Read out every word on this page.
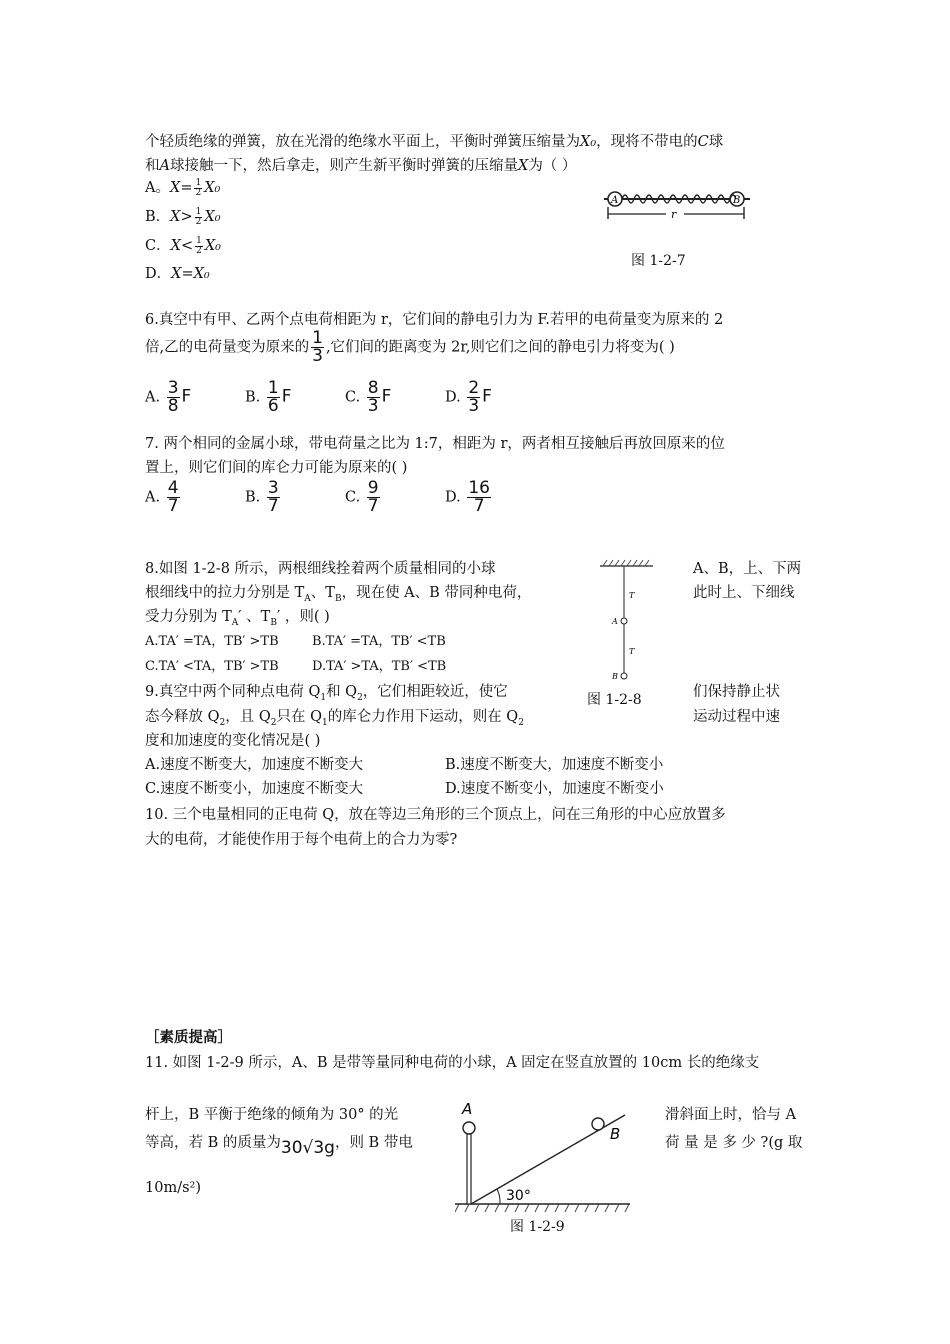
个轻质绝缘的弹簧，放在光滑的绝缘水平面上，平衡时弹簧压缩量为X₀，现将不带电的C球
和A球接触一下，然后拿走，则产生新平衡时弹簧的压缩量X为（ ）
A。$X= \frac{1}{2} X_0$
B．$X> \frac{1}{2} X_0$
C．$X< \frac{1}{2} X_0$
D．X=X₀
A	B
r
图 1-2-7
6.真空中有甲、乙两个点电荷相距为 r，它们间的静电引力为 F.若甲的电荷量变为原来的 2
倍,乙的电荷量变为原来的 $\frac{1}{3}$ ,它们间的距离变为 2r,则它们之间的静电引力将变为( )
A. $\frac{3}{8}$ F	B. $\frac{1}{6}$ F	C. $\frac{8}{3}$ F	D. $\frac{2}{3}$ F
7. 两个相同的金属小球，带电荷量之比为 1:7，相距为 r，两者相互接触后再放回原来的位
置上，则它们间的库仑力可能为原来的( )
A. $\frac{4}{7}$	B. $\frac{3}{7}$	C. $\frac{9}{7}$	D. $\frac{16}{7}$
8.如图 1-2-8 所示，两根细线拴着两个质量相同的小球	A、B，上、下两
根细线中的拉力分别是 $T_A$、$T_B$，现在使 A、B 带同种电荷，	此时上、下细线
受力分别为 $T_A'$ 、$T_B'$ ，则( )
A.TA′ =TA，TB′ >TB	B.TA′ =TA，TB′ <TB
C.TA′ <TA，TB′ >TB	D.TA′ >TA，TB′ <TB
T
A
T
B
图 1-2-8
9.真空中两个同种点电荷 $Q_1$和 $Q_2$，它们相距较近，使它	们保持静止状
态今释放 $Q_2$，且 $Q_2$只在 $Q_1$的库仑力作用下运动，则在 $Q_2$	运动过程中速
度和加速度的变化情况是( )
A.速度不断变大，加速度不断变大	B.速度不断变大，加速度不断变小
C.速度不断变小，加速度不断变大	D.速度不断变小，加速度不断变小
10. 三个电量相同的正电荷 Q，放在等边三角形的三个顶点上，问在三角形的中心应放置多
大的电荷，才能使作用于每个电荷上的合力为零?
［素质提高］
11. 如图 1-2-9 所示，A、B 是带等量同种电荷的小球，A 固定在竖直放置的 10cm 长的绝缘支
杆上，B 平衡于绝缘的倾角为 30° 的光	滑斜面上时，恰与 A
等高，若 B 的质量为30√3g，则 B 带电	荷 量 是 多 少 ?(g 取
10m/s²)
A
B
30°
图 1-2-9
